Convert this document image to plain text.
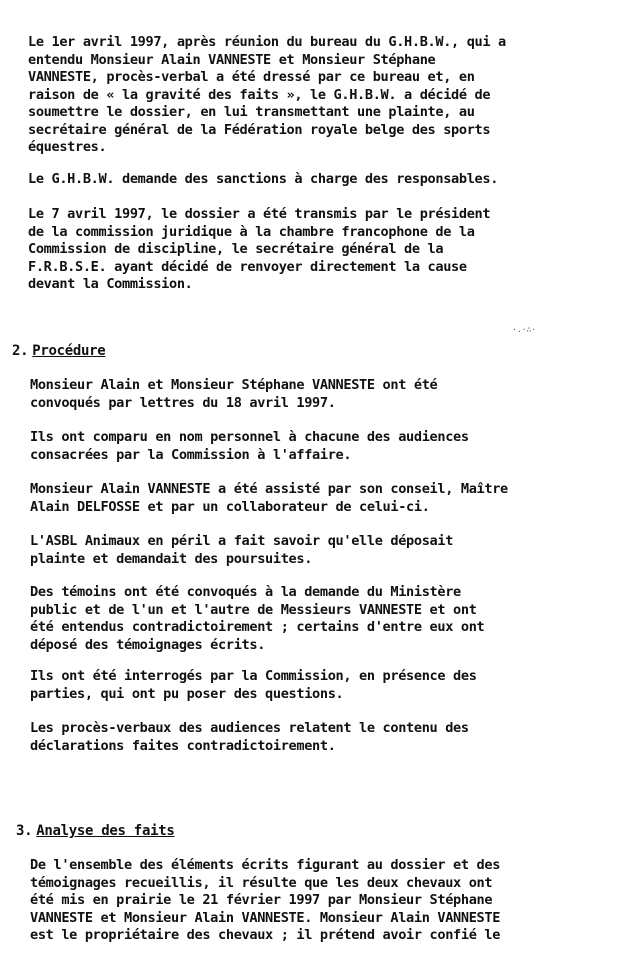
Le 1er avril 1997, après réunion du bureau du G.H.B.W., qui a
entendu Monsieur Alain VANNESTE et Monsieur Stéphane
VANNESTE, procès-verbal a été dressé par ce bureau et, en
raison de « la gravité des faits », le G.H.B.W. a décidé de
soumettre le dossier, en lui transmettant une plainte, au
secrétaire général de la Fédération royale belge des sports
équestres.

Le G.H.B.W. demande des sanctions à charge des responsables.

Le 7 avril 1997, le dossier a été transmis par le président
de la commission juridique à la chambre francophone de la
Commission de discipline, le secrétaire général de la
F.R.B.S.E. ayant décidé de renvoyer directement la cause
devant la Commission.

·.·∴·
2. Procédure

Monsieur Alain et Monsieur Stéphane VANNESTE ont été
convoqués par lettres du 18 avril 1997.

Ils ont comparu en nom personnel à chacune des audiences
consacrées par la Commission à l'affaire.

Monsieur Alain VANNESTE a été assisté par son conseil, Maître
Alain DELFOSSE et par un collaborateur de celui-ci.

L'ASBL Animaux en péril a fait savoir qu'elle déposait
plainte et demandait des poursuites.

Des témoins ont été convoqués à la demande du Ministère
public et de l'un et l'autre de Messieurs VANNESTE et ont
été entendus contradictoirement ; certains d'entre eux ont
déposé des témoignages écrits.

Ils ont été interrogés par la Commission, en présence des
parties, qui ont pu poser des questions.

Les procès-verbaux des audiences relatent le contenu des
déclarations faites contradictoirement.

3. Analyse des faits

De l'ensemble des éléments écrits figurant au dossier et des
témoignages recueillis, il résulte que les deux chevaux ont
été mis en prairie le 21 février 1997 par Monsieur Stéphane
VANNESTE et Monsieur Alain VANNESTE. Monsieur Alain VANNESTE
est le propriétaire des chevaux ; il prétend avoir confié le
